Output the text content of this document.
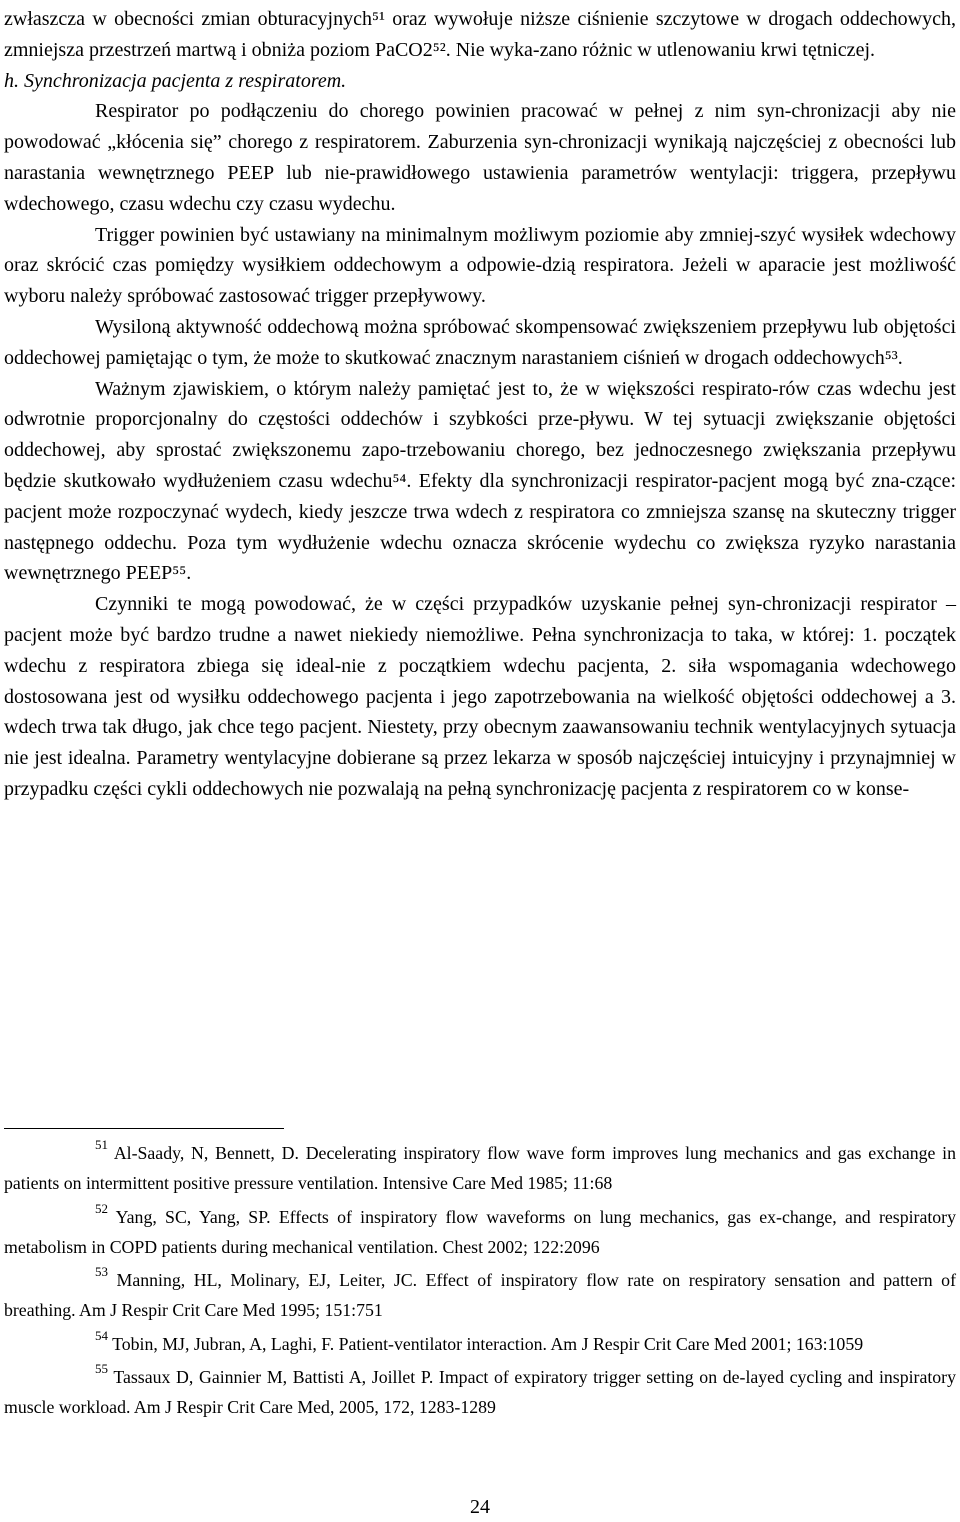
zwłaszcza w obecności zmian obturacyjnych⁵¹ oraz wywołuje niższe ciśnienie szczytowe w drogach oddechowych, zmniejsza przestrzeń martwą i obniża poziom PaCO2⁵². Nie wyka-zano różnic w utlenowaniu krwi tętniczej.

h. Synchronizacja pacjenta z respiratorem.

Respirator po podłączeniu do chorego powinien pracować w pełnej z nim syn-chronizacji aby nie powodować „kłócenia się” chorego z respiratorem. Zaburzenia syn-chronizacji wynikają najczęściej z obecności lub narastania wewnętrznego PEEP lub nie-prawidłowego ustawienia parametrów wentylacji: triggera, przepływu wdechowego, czasu wdechu czy czasu wydechu.

Trigger powinien być ustawiany na minimalnym możliwym poziomie aby zmniej-szyć wysiłek wdechowy oraz skrócić czas pomiędzy wysiłkiem oddechowym a odpowie-dzią respiratora. Jeżeli w aparacie jest możliwość wyboru należy spróbować zastosować trigger przepływowy.

Wysiloną aktywność oddechową można spróbować skompensować zwiększeniem przepływu lub objętości oddechowej pamiętając o tym, że może to skutkować znacznym narastaniem ciśnień w drogach oddechowych⁵³.

Ważnym zjawiskiem, o którym należy pamiętać jest to, że w większości respirato-rów czas wdechu jest odwrotnie proporcjonalny do częstości oddechów i szybkości prze-pływu. W tej sytuacji zwiększanie objętości oddechowej, aby sprostać zwiększonemu zapo-trzebowaniu chorego, bez jednoczesnego zwiększania przepływu będzie skutkowało wydłużeniem czasu wdechu⁵⁴. Efekty dla synchronizacji respirator-pacjent mogą być zna-czące: pacjent może rozpoczynać wydech, kiedy jeszcze trwa wdech z respiratora co zmniejsza szansę na skuteczny trigger następnego oddechu. Poza tym wydłużenie wdechu oznacza skrócenie wydechu co zwiększa ryzyko narastania wewnętrznego PEEP⁵⁵.

Czynniki te mogą powodować, że w części przypadków uzyskanie pełnej syn-chronizacji respirator – pacjent może być bardzo trudne a nawet niekiedy niemożliwe. Pełna synchronizacja to taka, w której: 1. początek wdechu z respiratora zbiega się ideal-nie z początkiem wdechu pacjenta, 2. siła wspomagania wdechowego dostosowana jest od wysiłku oddechowego pacjenta i jego zapotrzebowania na wielkość objętości oddechowej a 3. wdech trwa tak długo, jak chce tego pacjent. Niestety, przy obecnym zaawansowaniu technik wentylacyjnych sytuacja nie jest idealna. Parametry wentylacyjne dobierane są przez lekarza w sposób najczęściej intuicyjny i przynajmniej w przypadku części cykli oddechowych nie pozwalają na pełną synchronizację pacjenta z respiratorem co w konse-

$^{51}$ Al-Saady, N, Bennett, D. Decelerating inspiratory flow wave form improves lung mechanics and gas exchange in patients on intermittent positive pressure ventilation. Intensive Care Med 1985; 11:68

$^{52}$ Yang, SC, Yang, SP. Effects of inspiratory flow waveforms on lung mechanics, gas ex-change, and respiratory metabolism in COPD patients during mechanical ventilation. Chest 2002; 122:2096

$^{53}$ Manning, HL, Molinary, EJ, Leiter, JC. Effect of inspiratory flow rate on respiratory sensation and pattern of breathing. Am J Respir Crit Care Med 1995; 151:751

$^{54}$ Tobin, MJ, Jubran, A, Laghi, F. Patient-ventilator interaction. Am J Respir Crit Care Med 2001; 163:1059

$^{55}$ Tassaux D, Gainnier M, Battisti A, Joillet P. Impact of expiratory trigger setting on de-layed cycling and inspiratory muscle workload. Am J Respir Crit Care Med, 2005, 172, 1283-1289

24
